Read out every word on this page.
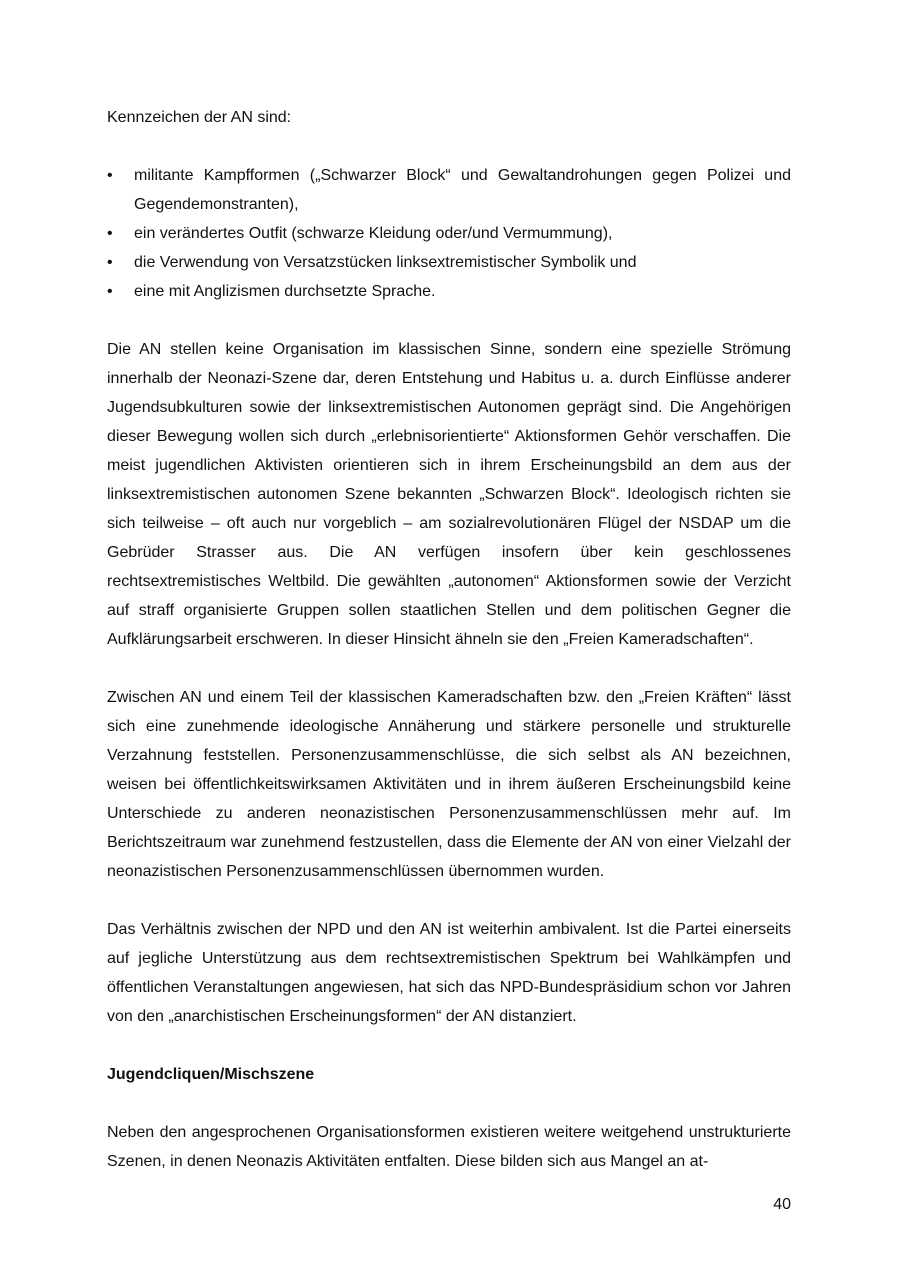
Kennzeichen der AN sind:

• militante Kampfformen („Schwarzer Block“ und Gewaltandrohungen gegen Polizei und Gegendemonstranten),
• ein verändertes Outfit (schwarze Kleidung oder/und Vermummung),
• die Verwendung von Versatzstücken linksextremistischer Symbolik und
• eine mit Anglizismen durchsetzte Sprache.

Die AN stellen keine Organisation im klassischen Sinne, sondern eine spezielle Strömung innerhalb der Neonazi-Szene dar, deren Entstehung und Habitus u. a. durch Einflüsse anderer Jugendsubkulturen sowie der linksextremistischen Autonomen geprägt sind. Die Angehörigen dieser Bewegung wollen sich durch „erlebnisorientierte“ Aktionsformen Gehör verschaffen. Die meist jugendlichen Aktivisten orientieren sich in ihrem Erscheinungsbild an dem aus der linksextremistischen autonomen Szene bekannten „Schwarzen Block“. Ideologisch richten sie sich teilweise – oft auch nur vorgeblich – am sozialrevolutionären Flügel der NSDAP um die Gebrüder Strasser aus. Die AN verfügen insofern über kein geschlossenes rechtsextremistisches Weltbild. Die gewählten „autonomen“ Aktionsformen sowie der Verzicht auf straff organisierte Gruppen sollen staatlichen Stellen und dem politischen Gegner die Aufklärungsarbeit erschweren. In dieser Hinsicht ähneln sie den „Freien Kameradschaften“.

Zwischen AN und einem Teil der klassischen Kameradschaften bzw. den „Freien Kräften“ lässt sich eine zunehmende ideologische Annäherung und stärkere personelle und strukturelle Verzahnung feststellen. Personenzusammenschlüsse, die sich selbst als AN bezeichnen, weisen bei öffentlichkeitswirksamen Aktivitäten und in ihrem äußeren Erscheinungsbild keine Unterschiede zu anderen neonazistischen Personenzusammenschlüssen mehr auf. Im Berichtszeitraum war zunehmend festzustellen, dass die Elemente der AN von einer Vielzahl der neonazistischen Personenzusammenschlüssen übernommen wurden.

Das Verhältnis zwischen der NPD und den AN ist weiterhin ambivalent. Ist die Partei einerseits auf jegliche Unterstützung aus dem rechtsextremistischen Spektrum bei Wahlkämpfen und öffentlichen Veranstaltungen angewiesen, hat sich das NPD-Bundespräsidium schon vor Jahren von den „anarchistischen Erscheinungsformen“ der AN distanziert.

Jugendcliquen/Mischszene

Neben den angesprochenen Organisationsformen existieren weitere weitgehend unstrukturierte Szenen, in denen Neonazis Aktivitäten entfalten. Diese bilden sich aus Mangel an at-

40
